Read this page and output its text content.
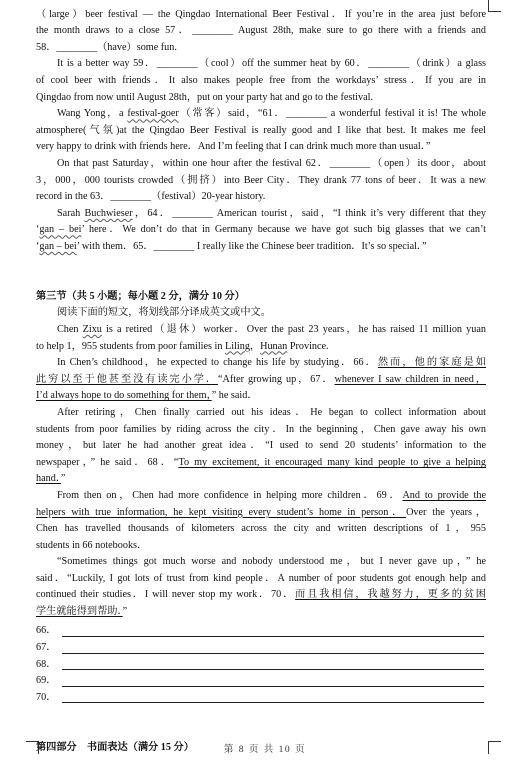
（large）beer festival — the Qingdao International Beer Festival．If you’re in the area just before
the month draws to a close 57．________ August 28th, make sure to go there with a friends and
58．________（have）some fun.
It is a better way 59．________（cool）off the summer heat by 60．________（drink）a glass
of cool beer with friends．It also makes people free from the workdays’ stress．If you are in
Qingdao from now until August 28th，put on your party hat and go to the festival.
Wang Yong，a festival-goer（常客）said，“61．________ a wonderful festival it is! The whole
atmosphere(气氛)at the Qingdao Beer Festival is really good and I like that best. It makes me feel
very happy to drink with friends here．And I’m feeling that I can drink much more than usual．”
On that past Saturday，within one hour after the festival 62．________（open）its door，about
3，000，000 tourists crowded（拥挤）into Beer City．They drank 77 tons of beer．It was a new
record in the 63．________（festival）20-year history.
Sarah Buchwieser，64．________ American tourist，said，“I think it’s very different that they
‘gan – bei’ here．We don’t do that in Germany because we have got such big glasses that we can’t
‘gan – bei’ with them．65．________ I really like the Chinese beer tradition．It’s so special．”
第三节（共 5 小题；每小题 2 分，满分 10 分）
阅读下面的短文，将划线部分译成英文或中文。
Chen Zixu is a retired（退休）worker．Over the past 23 years，he has raised 11 million yuan
to help 1，955 students from poor families in Liling，Hunan Province.
In Chen’s childhood，he expected to change his life by studying．66．然而，他的家庭是如
此穷以至于他甚至没有读完小学．“After growing up，67．whenever I saw children in need，
I’d always hope to do something for them，” he said．
After retiring，Chen finally carried out his ideas．He began to collect information about
students from poor families by riding across the city．In the beginning，Chen gave away his own
money，but later he had another great idea．“I used to send 20 students’ information to the
newspaper，” he said．68．“To my excitement, it encouraged many kind people to give a helping
hand．”
From then on，Chen had more confidence in helping more children．69．And to provide the
helpers with true information, he kept visiting every student’s home in person．Over the years，
Chen has travelled thousands of kilometers across the city and written descriptions of 1，955
students in 66 notebooks．
“Sometimes things got much worse and nobody understood me，but I never gave up，” he
said．“Luckily, I got lots of trust from kind people．A number of poor students got enough help and
continued their studies．I will never stop my work．70．而且我相信，我越努力，更多的贫困
学生就能得到帮助．”
66．
67．
68．
69．
70．
第四部分　书面表达（满分 15 分）	第 8 页 共 10 页
